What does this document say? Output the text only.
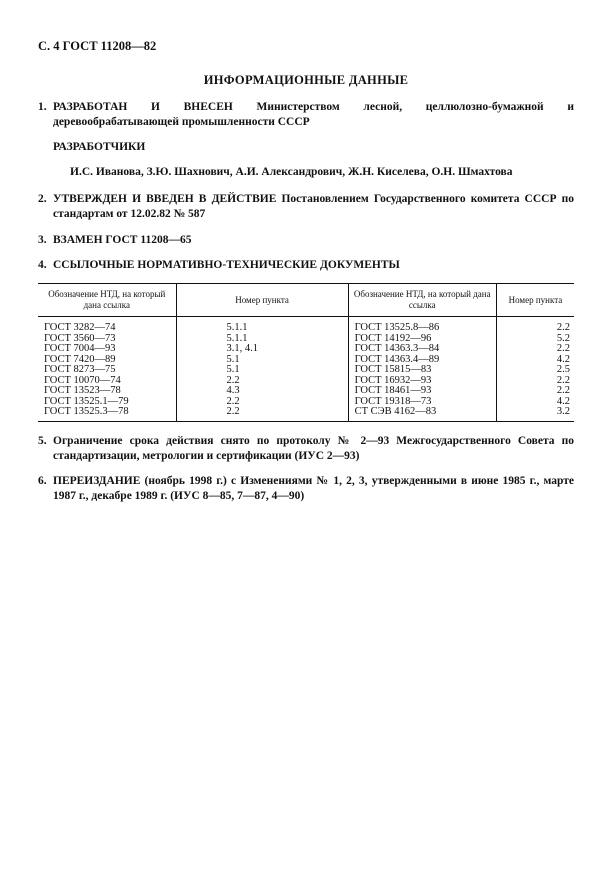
С. 4 ГОСТ 11208—82
ИНФОРМАЦИОННЫЕ ДАННЫЕ
1. РАЗРАБОТАН И ВНЕСЕН Министерством лесной, целлюлозно-бумажной и деревообрабатывающей промышленности СССР
РАЗРАБОТЧИКИ
И.С. Иванова, З.Ю. Шахнович, А.И. Александрович, Ж.Н. Киселева, О.Н. Шмахтова
2. УТВЕРЖДЕН И ВВЕДЕН В ДЕЙСТВИЕ Постановлением Государственного комитета СССР по стандартам от 12.02.82 № 587
3. ВЗАМЕН ГОСТ 11208—65
4. ССЫЛОЧНЫЕ НОРМАТИВНО-ТЕХНИЧЕСКИЕ ДОКУМЕНТЫ
Обозначение НТД, на который дана ссылка	Номер пункта	Обозначение НТД, на который дана ссылка	Номер пункта
ГОСТ 3282—74	5.1.1	ГОСТ 13525.8—86	2.2
ГОСТ 3560—73	5.1.1	ГОСТ 14192—96	5.2
ГОСТ 7004—93	3.1, 4.1	ГОСТ 14363.3—84	2.2
ГОСТ 7420—89	5.1	ГОСТ 14363.4—89	4.2
ГОСТ 8273—75	5.1	ГОСТ 15815—83	2.5
ГОСТ 10070—74	2.2	ГОСТ 16932—93	2.2
ГОСТ 13523—78	4.3	ГОСТ 18461—93	2.2
ГОСТ 13525.1—79	2.2	ГОСТ 19318—73	4.2
ГОСТ 13525.3—78	2.2	СТ СЭВ 4162—83	3.2
5. Ограничение срока действия снято по протоколу № 2—93 Межгосударственного Совета по стандартизации, метрологии и сертификации (ИУС 2—93)
6. ПЕРЕИЗДАНИЕ (ноябрь 1998 г.) с Изменениями № 1, 2, 3, утвержденными в июне 1985 г., марте 1987 г., декабре 1989 г. (ИУС 8—85, 7—87, 4—90)
